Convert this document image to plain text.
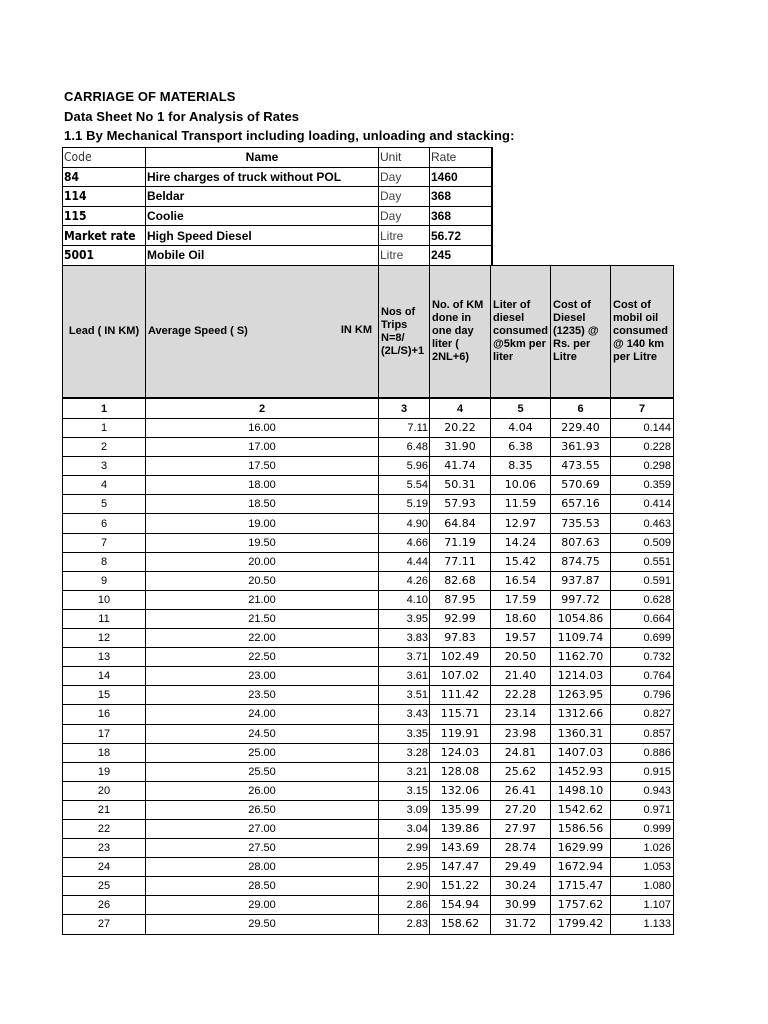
CARRIAGE OF MATERIALS
Data Sheet No 1 for Analysis of Rates
1.1 By Mechanical Transport including loading, unloading and stacking:
Code	Name	Unit	Rate
84	Hire charges of truck without POL	Day	1460
114	Beldar	Day	368
115	Coolie	Day	368
Market rate	High Speed Diesel	Litre	56.72
5001	Mobile Oil	Litre	245
Lead ( IN KM)	Average Speed ( S) IN KM	Nos of Trips N=8/ (2L/S)+1	No. of KM done in one day liter ( 2NL+6)	Liter of diesel consumed @5km per liter	Cost of Diesel (1235) @ Rs. per Litre	Cost of mobil oil consumed @ 140 km per Litre
1	2	3	4	5	6	7
1	16.00	7.11	20.22	4.04	229.40	0.144
2	17.00	6.48	31.90	6.38	361.93	0.228
3	17.50	5.96	41.74	8.35	473.55	0.298
4	18.00	5.54	50.31	10.06	570.69	0.359
5	18.50	5.19	57.93	11.59	657.16	0.414
6	19.00	4.90	64.84	12.97	735.53	0.463
7	19.50	4.66	71.19	14.24	807.63	0.509
8	20.00	4.44	77.11	15.42	874.75	0.551
9	20.50	4.26	82.68	16.54	937.87	0.591
10	21.00	4.10	87.95	17.59	997.72	0.628
11	21.50	3.95	92.99	18.60	1054.86	0.664
12	22.00	3.83	97.83	19.57	1109.74	0.699
13	22.50	3.71	102.49	20.50	1162.70	0.732
14	23.00	3.61	107.02	21.40	1214.03	0.764
15	23.50	3.51	111.42	22.28	1263.95	0.796
16	24.00	3.43	115.71	23.14	1312.66	0.827
17	24.50	3.35	119.91	23.98	1360.31	0.857
18	25.00	3.28	124.03	24.81	1407.03	0.886
19	25.50	3.21	128.08	25.62	1452.93	0.915
20	26.00	3.15	132.06	26.41	1498.10	0.943
21	26.50	3.09	135.99	27.20	1542.62	0.971
22	27.00	3.04	139.86	27.97	1586.56	0.999
23	27.50	2.99	143.69	28.74	1629.99	1.026
24	28.00	2.95	147.47	29.49	1672.94	1.053
25	28.50	2.90	151.22	30.24	1715.47	1.080
26	29.00	2.86	154.94	30.99	1757.62	1.107
27	29.50	2.83	158.62	31.72	1799.42	1.133
